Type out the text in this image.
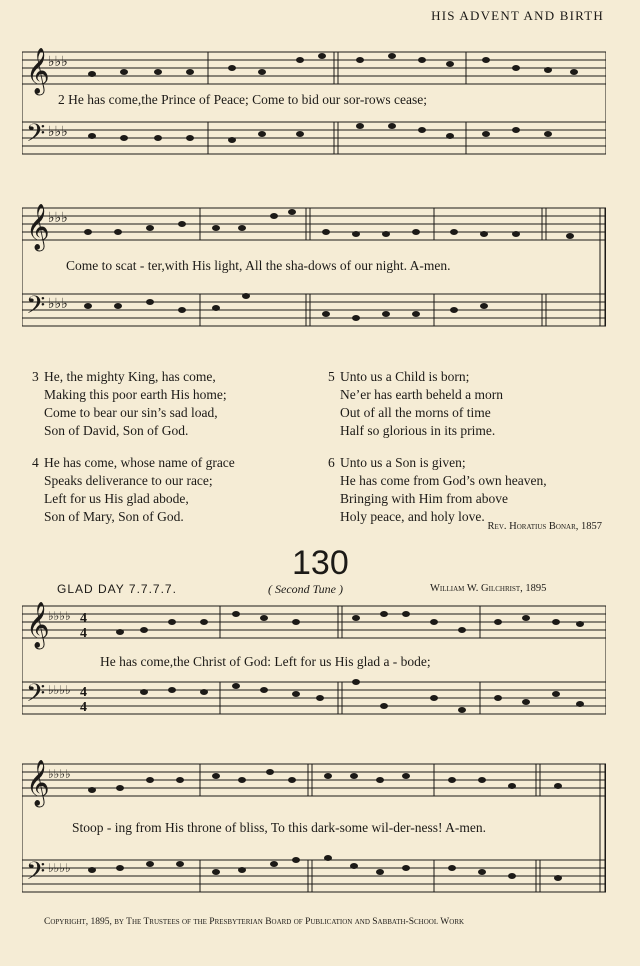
HIS ADVENT AND BIRTH
𝄞
𝄢
♭♭♭
♭♭♭
2 He has come,the Prince of Peace; Come to bid our sor-rows cease;
𝄞
𝄢
♭♭♭
♭♭♭
Come to scat - ter,with His light, All the sha-dows of our night. A-men.
3 He, the mighty King, has come,
Making this poor earth His home;
Come to bear our sin’s sad load,
Son of David, Son of God.
4 He has come, whose name of grace
Speaks deliverance to our race;
Left for us His glad abode,
Son of Mary, Son of God.
5 Unto us a Child is born;
Ne’er has earth beheld a morn
Out of all the morns of time
Half so glorious in its prime.
6 Unto us a Son is given;
He has come from God’s own heaven,
Bringing with Him from above
Holy peace, and holy love.
Rev. Horatius Bonar, 1857
130
GLAD DAY 7.7.7.7.	( Second Tune )	William W. Gilchrist, 1895
𝄞
𝄢
♭♭♭♭
♭♭♭♭
4
4
4
4
He has come,the Christ of God: Left for us His glad a - bode;
𝄞
𝄢
♭♭♭♭
♭♭♭♭
Stoop - ing from His throne of bliss, To this dark-some wil-der-ness! A-men.
Copyright, 1895, by The Trustees of the Presbyterian Board of Publication and Sabbath-School Work
